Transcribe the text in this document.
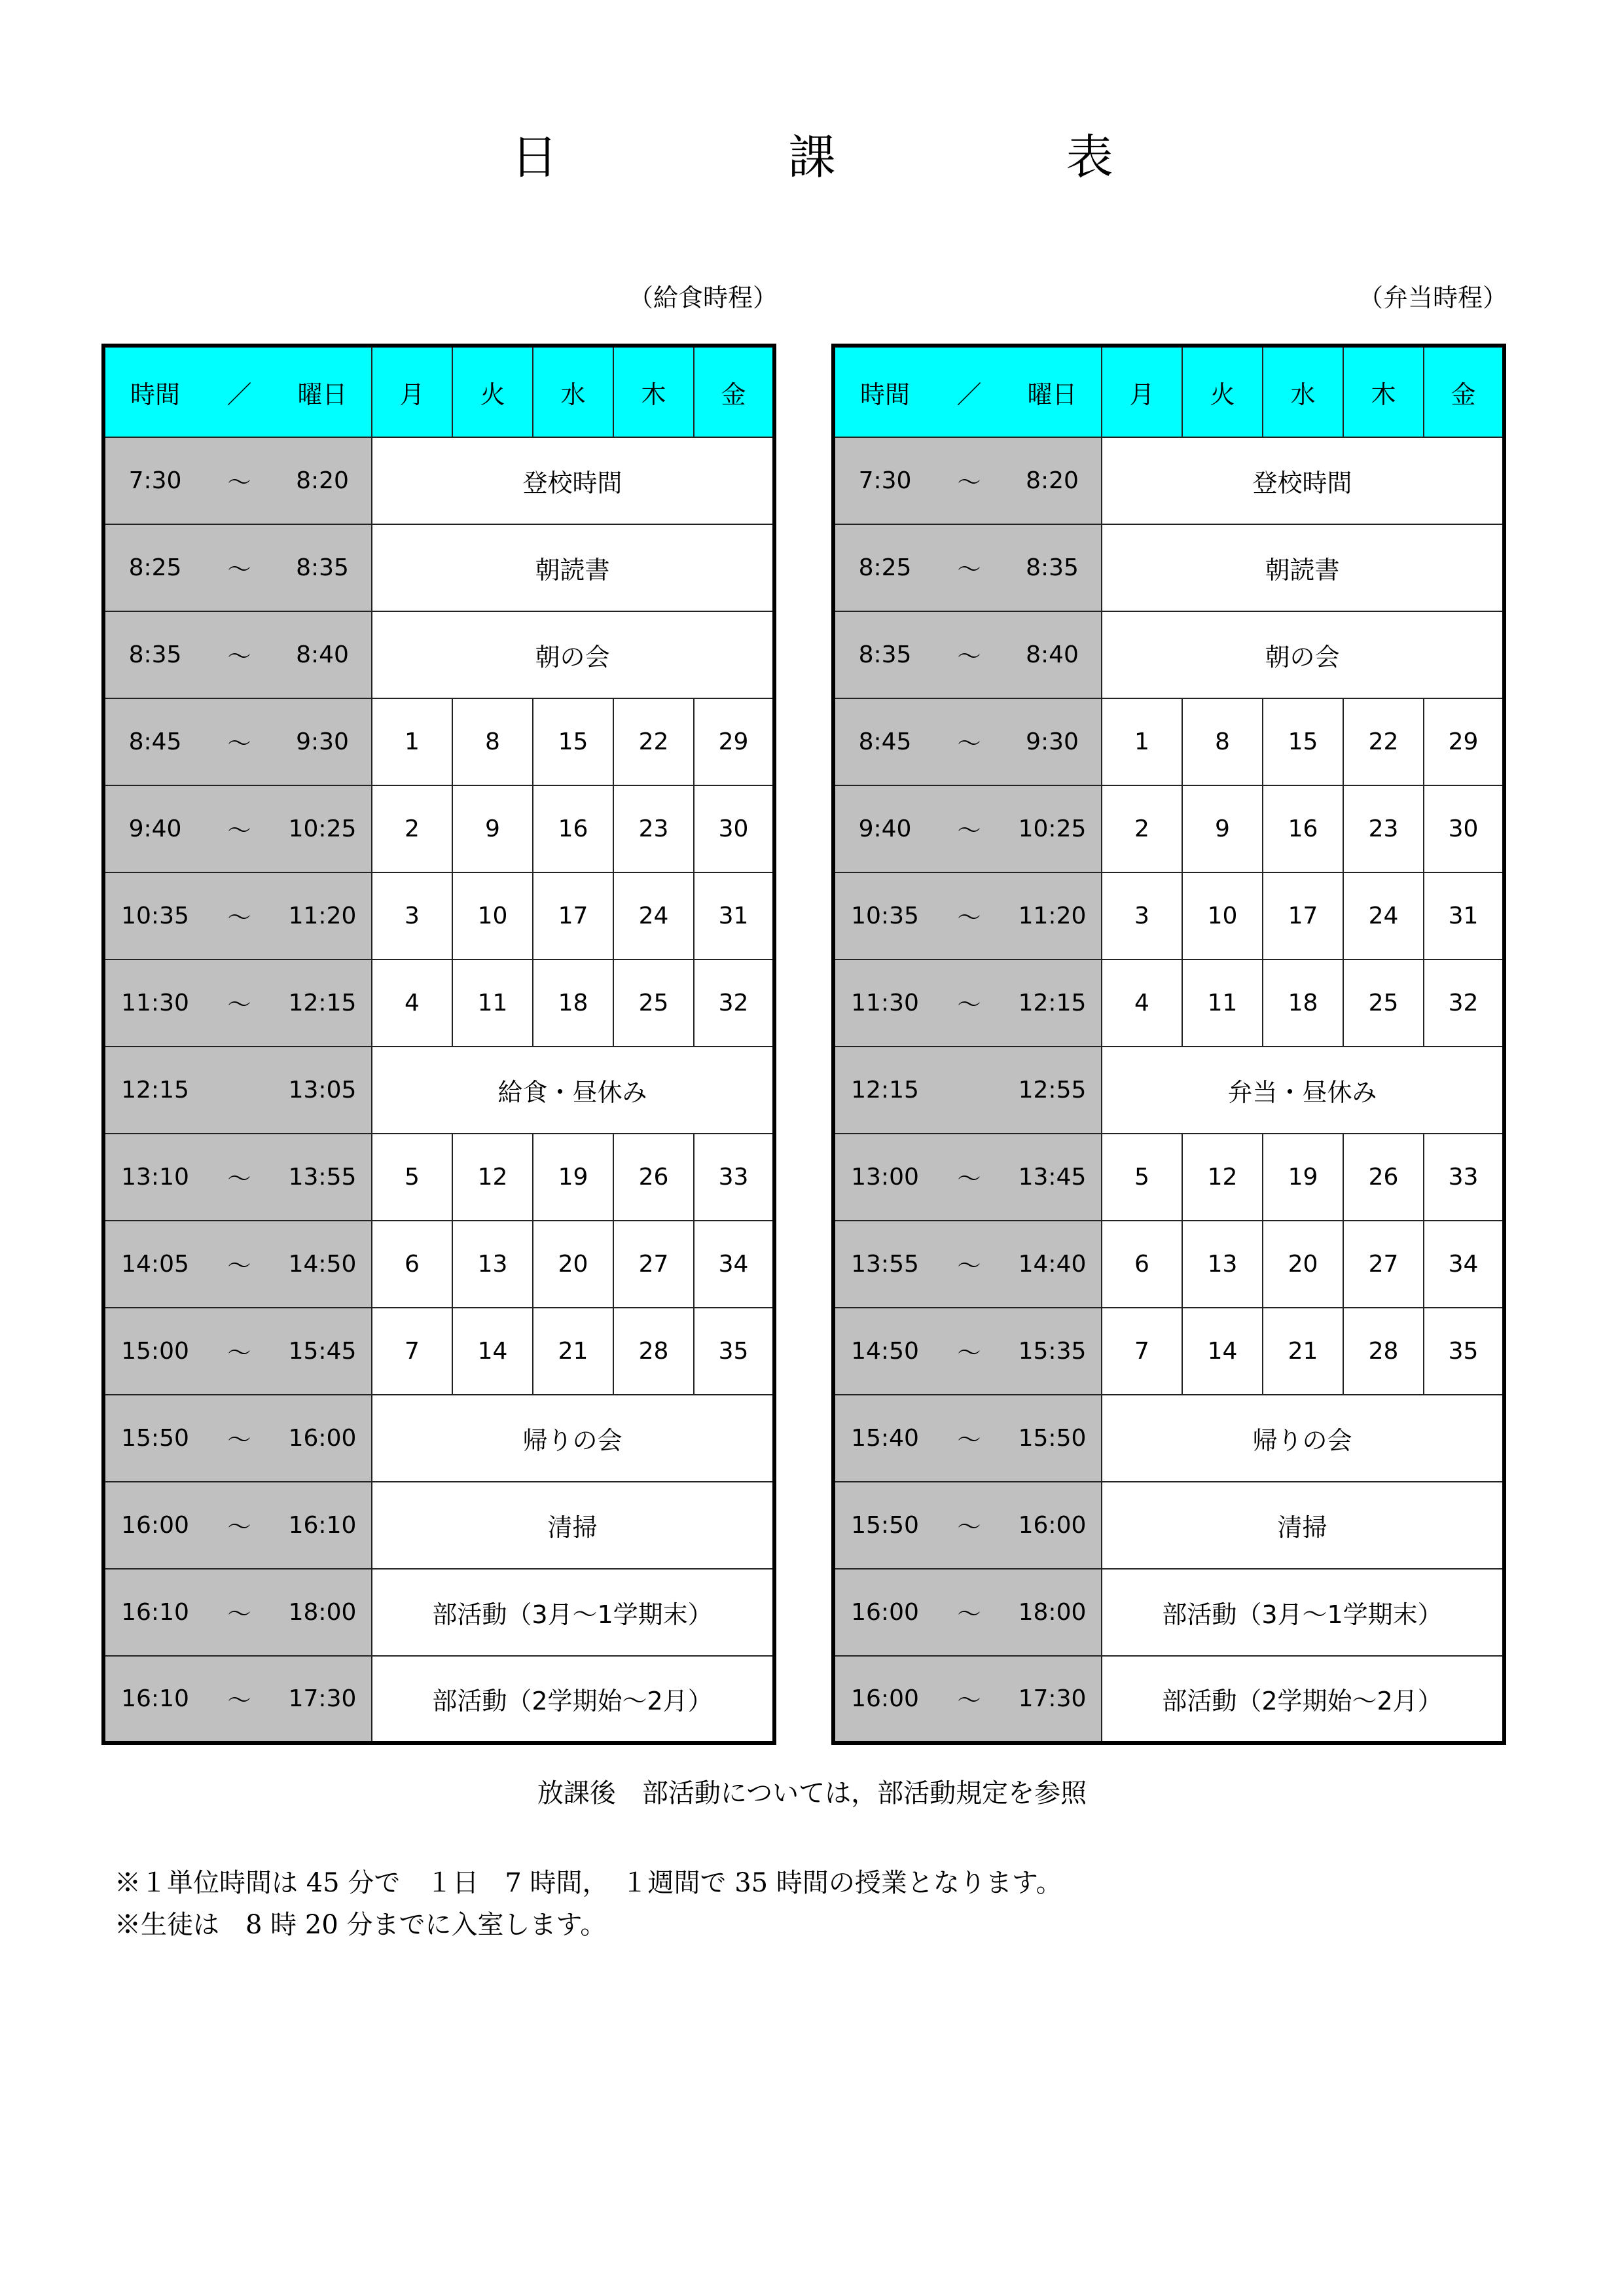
日　課　表
（給食時程）	（弁当時程）
時間	／	曜日	月	火	水	木	金
7:30	～	8:20	登校時間				
8:25	～	8:35	朝読書				
8:35	～	8:40	朝の会				
8:45	～	9:30	1	8	15	22	29
9:40	～	10:25	2	9	16	23	30
10:35	～	11:20	3	10	17	24	31
11:30	～	12:15	4	11	18	25	32
12:15		13:05	給食・昼休み				
13:10	～	13:55	5	12	19	26	33
14:05	～	14:50	6	13	20	27	34
15:00	～	15:45	7	14	21	28	35
15:50	～	16:00	帰りの会				
16:00	～	16:10	清掃				
16:10	～	18:00	部活動（3月～1学期末）				
16:10	～	17:30	部活動（2学期始～2月）				
時間	／	曜日	月	火	水	木	金
7:30	～	8:20	登校時間				
8:25	～	8:35	朝読書				
8:35	～	8:40	朝の会				
8:45	～	9:30	1	8	15	22	29
9:40	～	10:25	2	9	16	23	30
10:35	～	11:20	3	10	17	24	31
11:30	～	12:15	4	11	18	25	32
12:15		12:55	弁当・昼休み				
13:00	～	13:45	5	12	19	26	33
13:55	～	14:40	6	13	20	27	34
14:50	～	15:35	7	14	21	28	35
15:40	～	15:50	帰りの会				
15:50	～	16:00	清掃				
16:00	～	18:00	部活動（3月～1学期末）				
16:00	～	17:30	部活動（2学期始～2月）				
放課後　部活動については，部活動規定を参照
※１単位時間は 45 分で　１日　7 時間，　１週間で 35 時間の授業となります。
※生徒は　8 時 20 分までに入室します。
